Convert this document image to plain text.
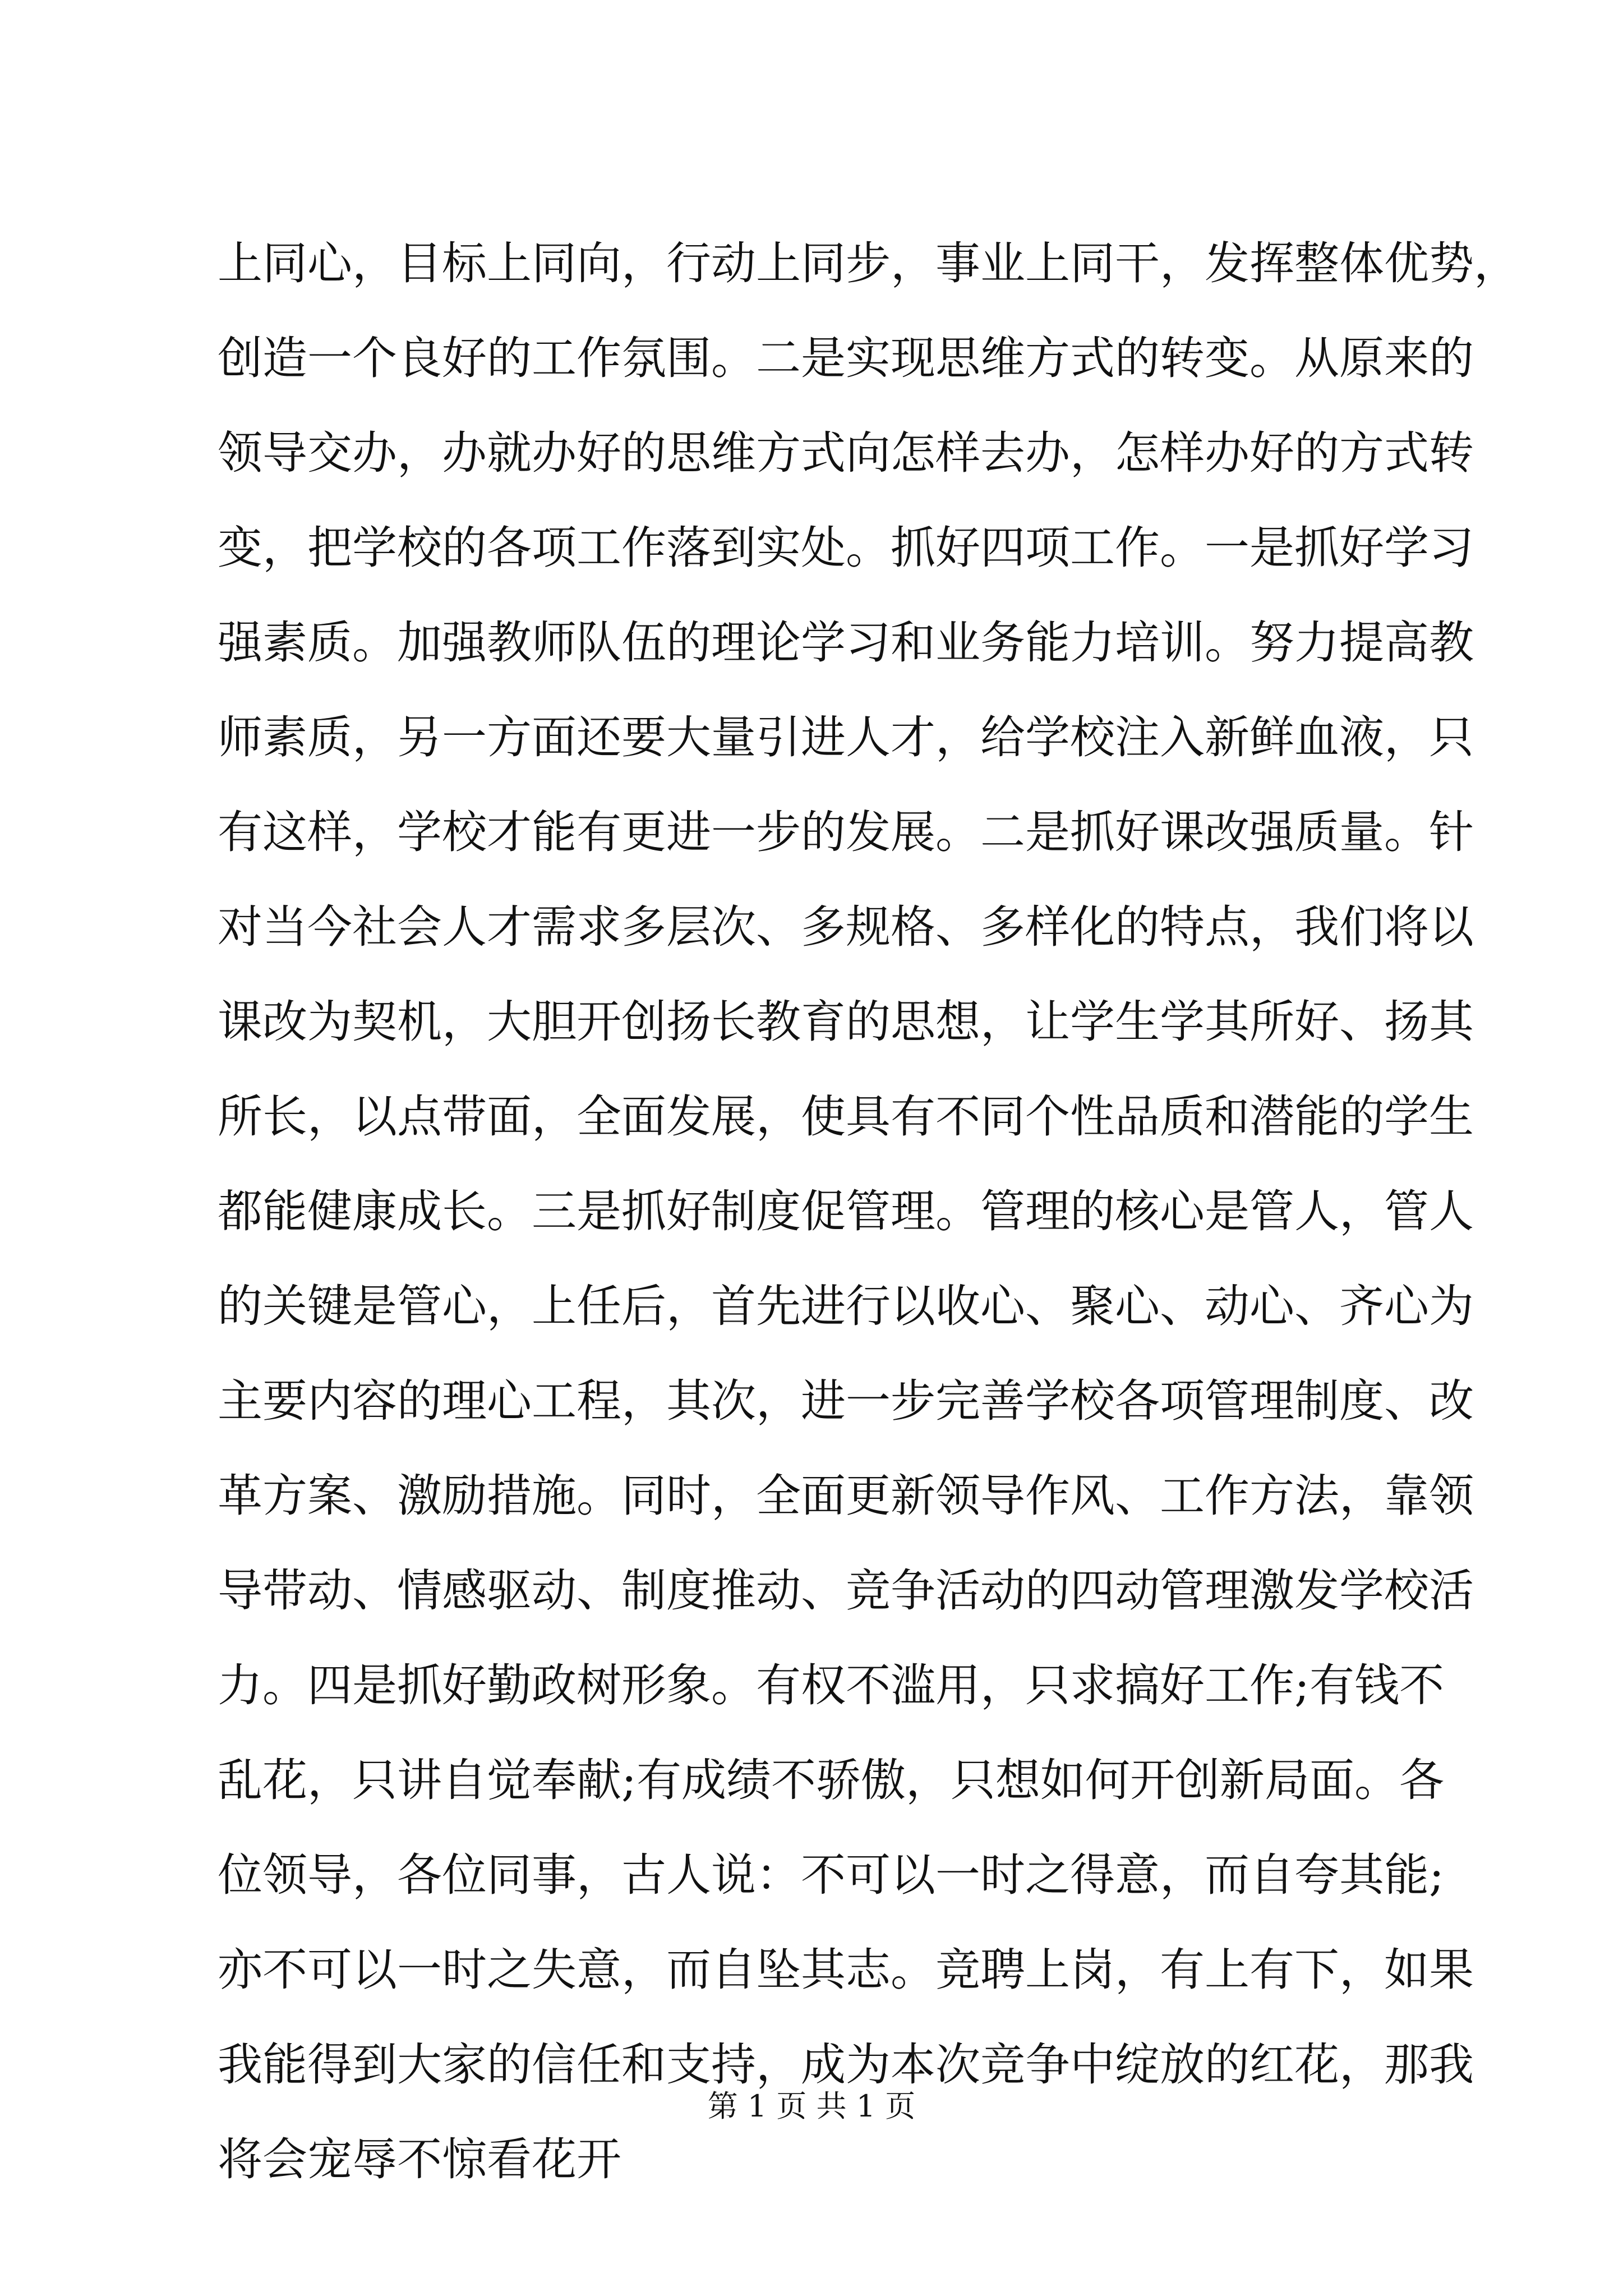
上同心，目标上同向，行动上同步，事业上同干，发挥整体优势，
创造一个良好的工作氛围。二是实现思维方式的转变。从原来的
领导交办，办就办好的思维方式向怎样去办，怎样办好的方式转
变，把学校的各项工作落到实处。抓好四项工作。一是抓好学习
强素质。加强教师队伍的理论学习和业务能力培训。努力提高教
师素质，另一方面还要大量引进人才，给学校注入新鲜血液，只
有这样，学校才能有更进一步的发展。二是抓好课改强质量。针
对当今社会人才需求多层次、多规格、多样化的特点，我们将以
课改为契机，大胆开创扬长教育的思想，让学生学其所好、扬其
所长，以点带面，全面发展，使具有不同个性品质和潜能的学生
都能健康成长。三是抓好制度促管理。管理的核心是管人，管人
的关键是管心，上任后，首先进行以收心、聚心、动心、齐心为
主要内容的理心工程，其次，进一步完善学校各项管理制度、改
革方案、激励措施。同时，全面更新领导作风、工作方法，靠领
导带动、情感驱动、制度推动、竞争活动的四动管理激发学校活
力。四是抓好勤政树形象。有权不滥用，只求搞好工作;有钱不
乱花，只讲自觉奉献;有成绩不骄傲，只想如何开创新局面。各
位领导，各位同事，古人说：不可以一时之得意，而自夸其能;
亦不可以一时之失意，而自坠其志。竞聘上岗，有上有下，如果
我能得到大家的信任和支持，成为本次竞争中绽放的红花，那我
将会宠辱不惊看花开
第 1 页 共 1 页
